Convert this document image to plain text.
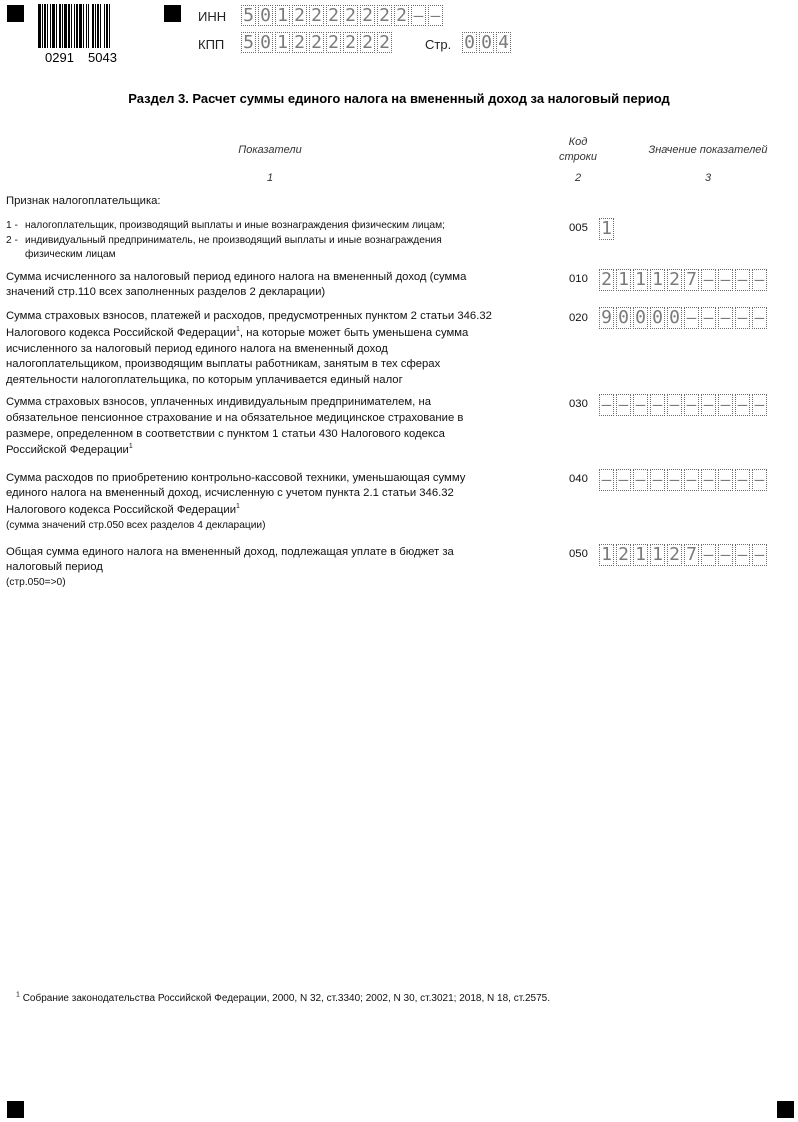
0291 5043
ИНН 5 0 1 2 2 2 2 2 2 2 – –
КПП 5 0 1 2 2 2 2 2 2	Стр. 0 0 4
Раздел 3. Расчет суммы единого налога на вмененный доход за налоговый период
Показатели
Код
строки
Значение показателей
1	2	3
Признак налогоплательщика:
1 - налогоплательщик, производящий выплаты и иные вознаграждения физическим лицам;
2 - индивидуальный предприниматель, не производящий выплаты и иные вознаграждения
физическим лицам
005 1
Сумма исчисленного за налоговый период единого налога на вмененный доход (сумма
значений стр.110 всех заполненных разделов 2 декларации)
010 2 1 1 1 2 7 – – – –
Сумма страховых взносов, платежей и расходов, предусмотренных пунктом 2 статьи 346.32
Налогового кодекса Российской Федерации$^1$, на которые может быть уменьшена сумма
исчисленного за налоговый период единого налога на вмененный доход
налогоплательщиком, производящим выплаты работникам, занятым в тех сферах
деятельности налогоплательщика, по которым уплачивается единый налог
020 9 0 0 0 0 – – – – –
Сумма страховых взносов, уплаченных индивидуальным предпринимателем, на
обязательное пенсионное страхование и на обязательное медицинское страхование в
размере, определенном в соответствии с пунктом 1 статьи 430 Налогового кодекса
Российской Федерации$^1$
030 – – – – – – – – – –
Сумма расходов по приобретению контрольно-кассовой техники, уменьшающая сумму
единого налога на вмененный доход, исчисленную с учетом пункта 2.1 статьи 346.32
Налогового кодекса Российской Федерации$^1$
(сумма значений стр.050 всех разделов 4 декларации)
040 – – – – – – – – – –
Общая сумма единого налога на вмененный доход, подлежащая уплате в бюджет за
налоговый период
(стр.050=>0)
050 1 2 1 1 2 7 – – – –
$^1$ Собрание законодательства Российской Федерации, 2000, N 32, ст.3340; 2002, N 30, ст.3021; 2018, N 18, ст.2575.
